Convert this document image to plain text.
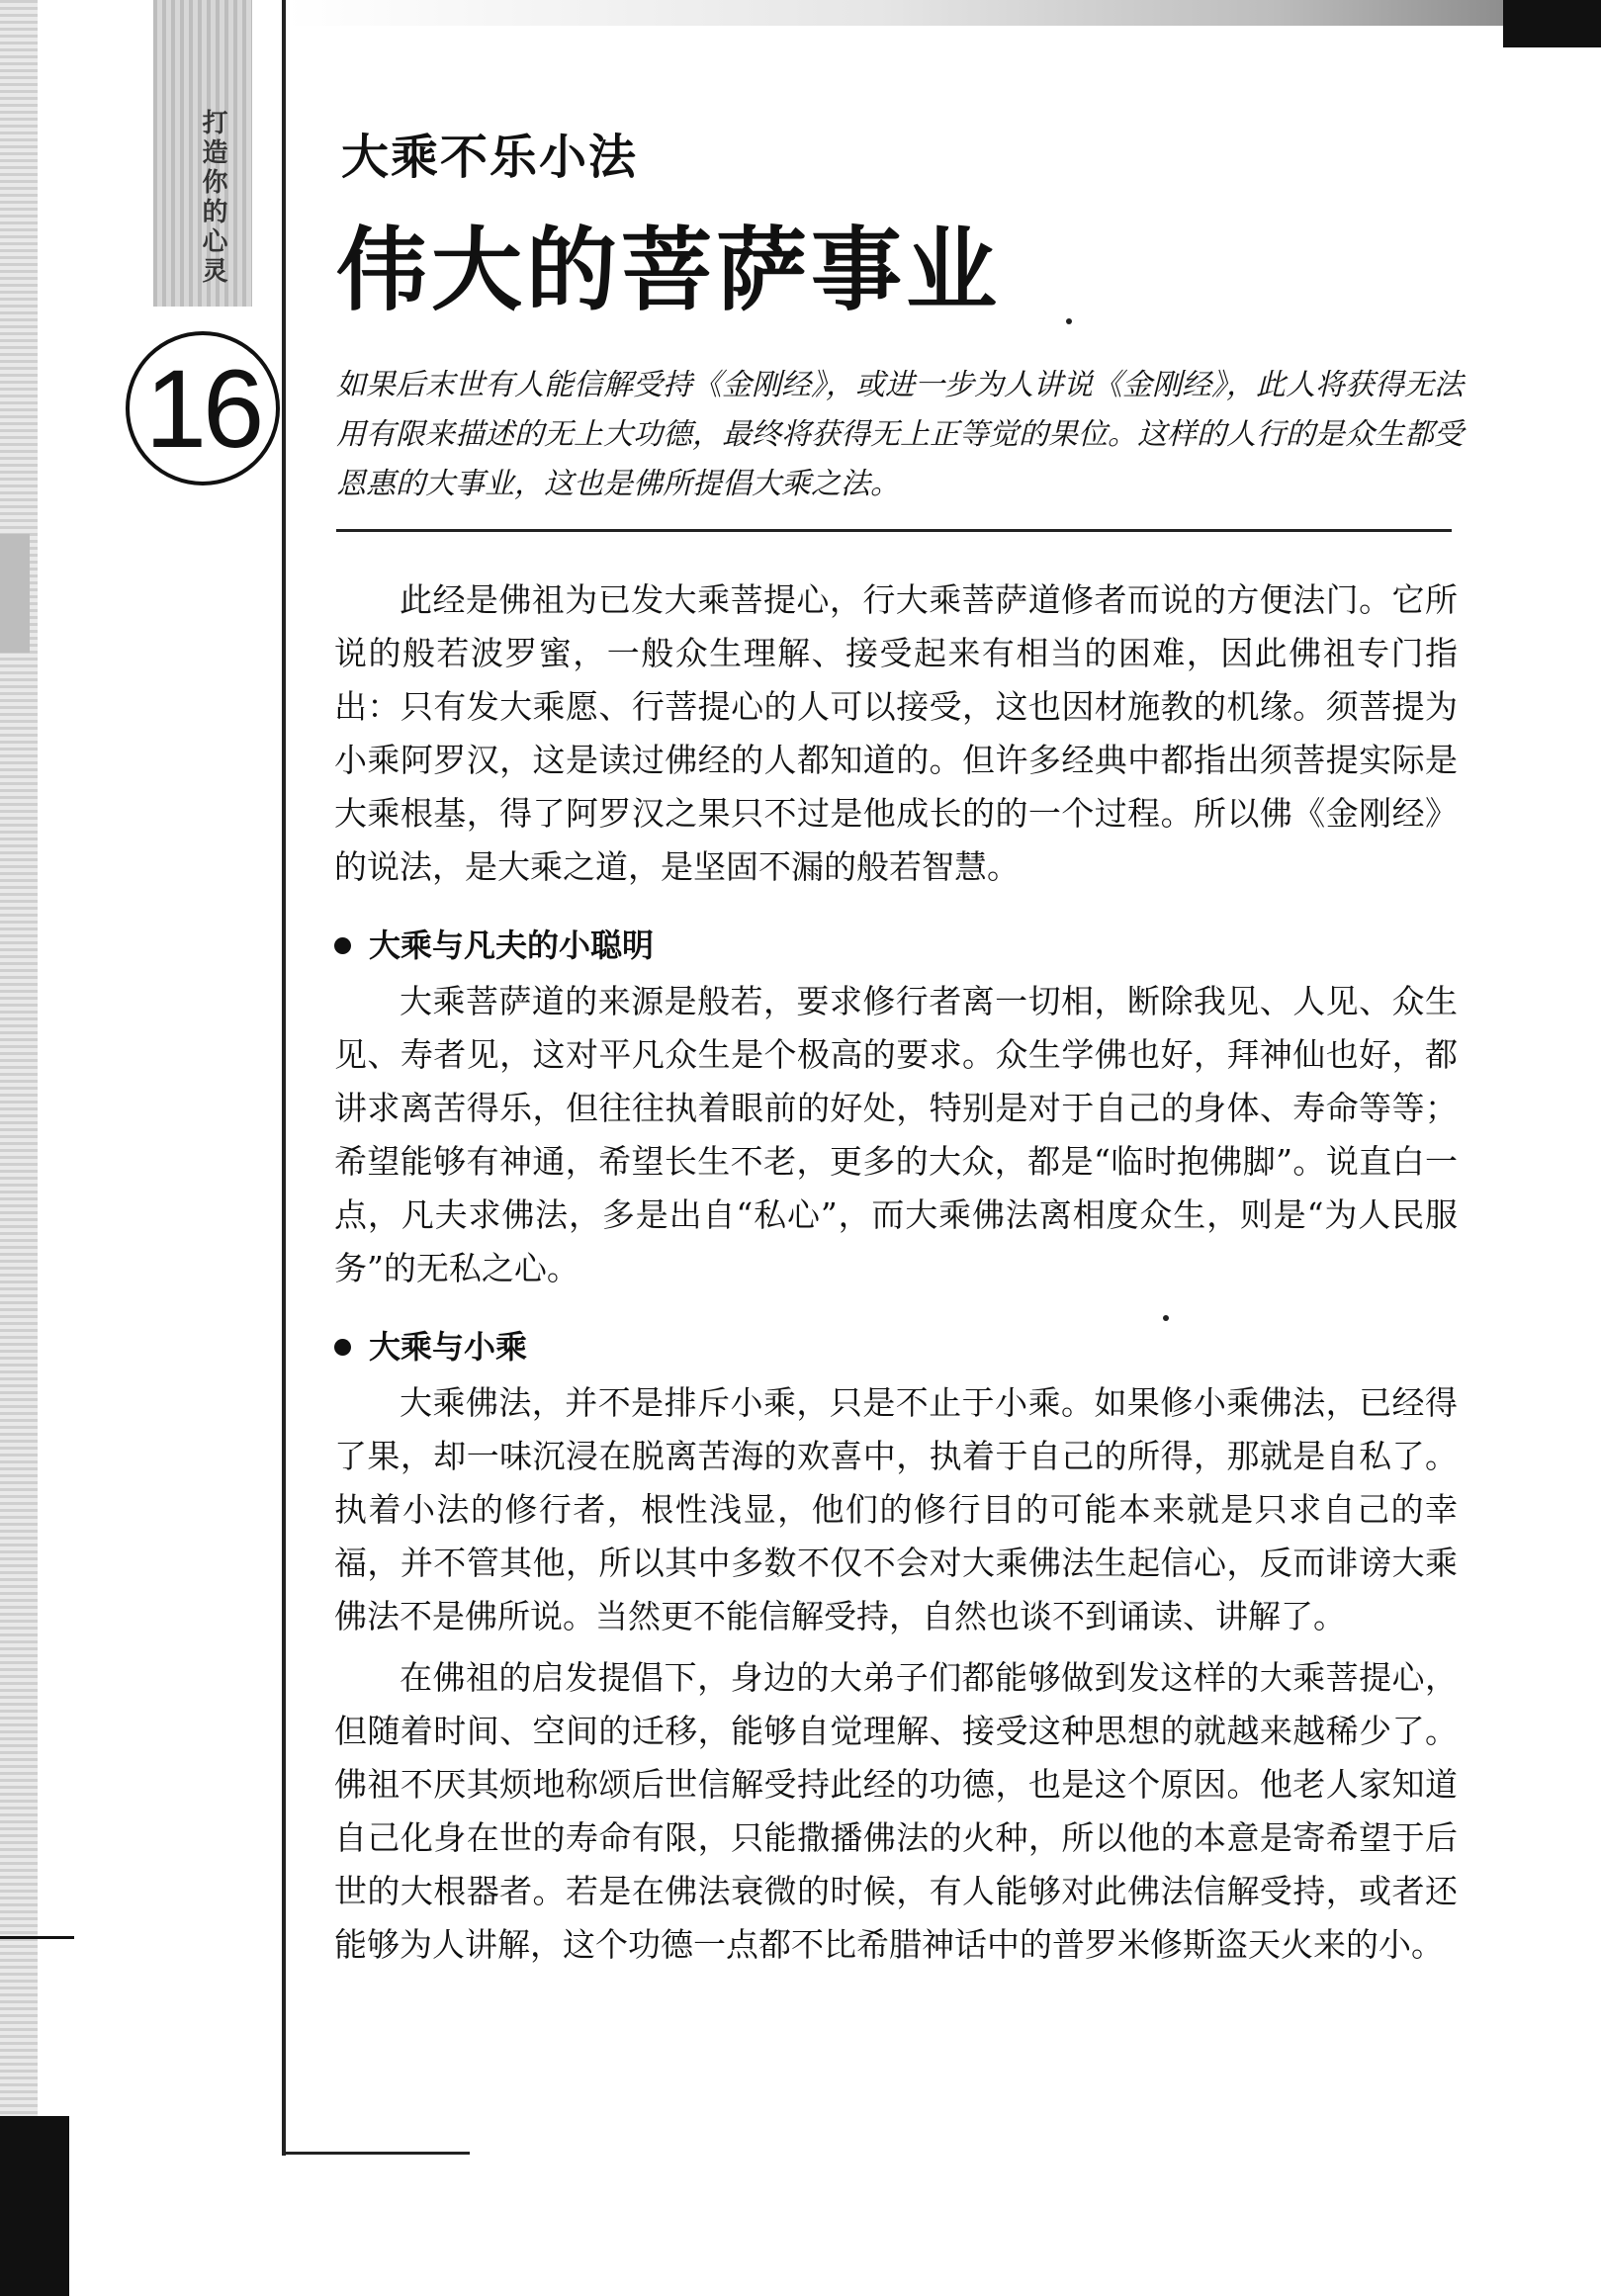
打造你的心灵 大乘不乐小法
伟大的菩萨事业
16	如果后末世有人能信解受持《金刚经》，或进一步为人讲说《金刚经》，此人将获得无法用有限来描述的无上大功德，最终将获得无上正等觉的果位。这样的人行的是众生都受恩惠的大事业，这也是佛所提倡大乘之法。

此经是佛祖为已发大乘菩提心，行大乘菩萨道修者而说的方便法门。它所说的般若波罗蜜，一般众生理解、接受起来有相当的困难，因此佛祖专门指出：只有发大乘愿、行菩提心的人可以接受，这也因材施教的机缘。须菩提为小乘阿罗汉，这是读过佛经的人都知道的。但许多经典中都指出须菩提实际是大乘根基，得了阿罗汉之果只不过是他成长的的一个过程。所以佛《金刚经》的说法，是大乘之道，是坚固不漏的般若智慧。

大乘与凡夫的小聪明

大乘菩萨道的来源是般若，要求修行者离一切相，断除我见、人见、众生见、寿者见，这对平凡众生是个极高的要求。众生学佛也好，拜神仙也好，都讲求离苦得乐，但往往执着眼前的好处，特别是对于自己的身体、寿命等等；希望能够有神通，希望长生不老，更多的大众，都是“临时抱佛脚”。说直白一点，凡夫求佛法，多是出自“私心”，而大乘佛法离相度众生，则是“为人民服务”的无私之心。

大乘与小乘

大乘佛法，并不是排斥小乘，只是不止于小乘。如果修小乘佛法，已经得了果，却一味沉浸在脱离苦海的欢喜中，执着于自己的所得，那就是自私了。执着小法的修行者，根性浅显，他们的修行目的可能本来就是只求自己的幸福，并不管其他，所以其中多数不仅不会对大乘佛法生起信心，反而诽谤大乘佛法不是佛所说。当然更不能信解受持，自然也谈不到诵读、讲解了。

在佛祖的启发提倡下，身边的大弟子们都能够做到发这样的大乘菩提心，但随着时间、空间的迁移，能够自觉理解、接受这种思想的就越来越稀少了。佛祖不厌其烦地称颂后世信解受持此经的功德，也是这个原因。他老人家知道自己化身在世的寿命有限，只能撒播佛法的火种，所以他的本意是寄希望于后世的大根器者。若是在佛法衰微的时候，有人能够对此佛法信解受持，或者还能够为人讲解，这个功德一点都不比希腊神话中的普罗米修斯盗天火来的小。
